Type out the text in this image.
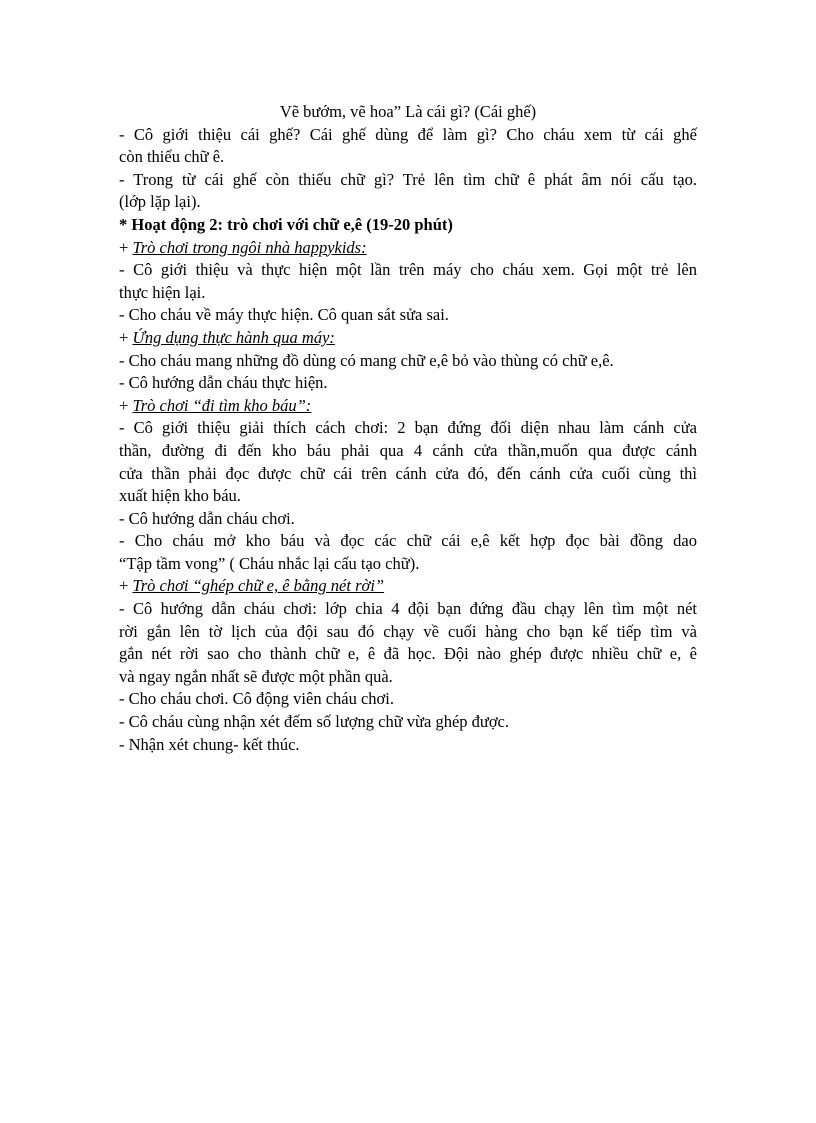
Vẽ bướm, vẽ hoa” Là cái gì? (Cái ghế)
- Cô giới thiệu cái ghế? Cái ghế dùng để làm gì? Cho cháu xem từ cái ghế
còn thiếu chữ ê.
- Trong từ cái ghế còn thiếu chữ gì? Trẻ lên tìm chữ ê phát âm nói cấu tạo.
(lớp lặp lại).
* Hoạt động 2: trò chơi với chữ e,ê (19-20 phút)
+ Trò chơi trong ngôi nhà happykids:
- Cô giới thiệu và thực hiện một lần trên máy cho cháu xem. Gọi một trẻ lên
thực hiện lại.
- Cho cháu về máy thực hiện. Cô quan sát sửa sai.
+ Ứng dụng thực hành qua máy:
- Cho cháu mang những đồ dùng có mang chữ e,ê bỏ vào thùng có chữ e,ê.
- Cô hướng dẫn cháu thực hiện.
+ Trò chơi “đi tìm kho báu”:
- Cô giới thiệu giải thích cách chơi: 2 bạn đứng đối diện nhau làm cánh cửa
thần, đường đi đến kho báu phải qua 4 cánh cửa thần,muốn qua được cánh
cửa thần phải đọc được chữ cái trên cánh cửa đó, đến cánh cửa cuối cùng thì
xuất hiện kho báu.
- Cô hướng dẫn cháu chơi.
- Cho cháu mở kho báu và đọc các chữ cái e,ê kết hợp đọc bài đồng dao
“Tập tầm vong” ( Cháu nhắc lại cấu tạo chữ).
+ Trò chơi “ghép chữ e, ê bằng nét rời”
- Cô hướng dẫn cháu chơi: lớp chia 4 đội bạn đứng đầu chạy lên tìm một nét
rời gắn lên tờ lịch của đội sau đó chạy về cuối hàng cho bạn kế tiếp tìm và
gắn nét rời sao cho thành chữ e, ê đã học. Đội nào ghép được nhiều chữ e, ê
và ngay ngắn nhất sẽ được một phần quà.
- Cho cháu chơi. Cô động viên cháu chơi.
- Cô cháu cùng nhận xét đếm số lượng chữ vừa ghép được.
- Nhận xét chung- kết thúc.
